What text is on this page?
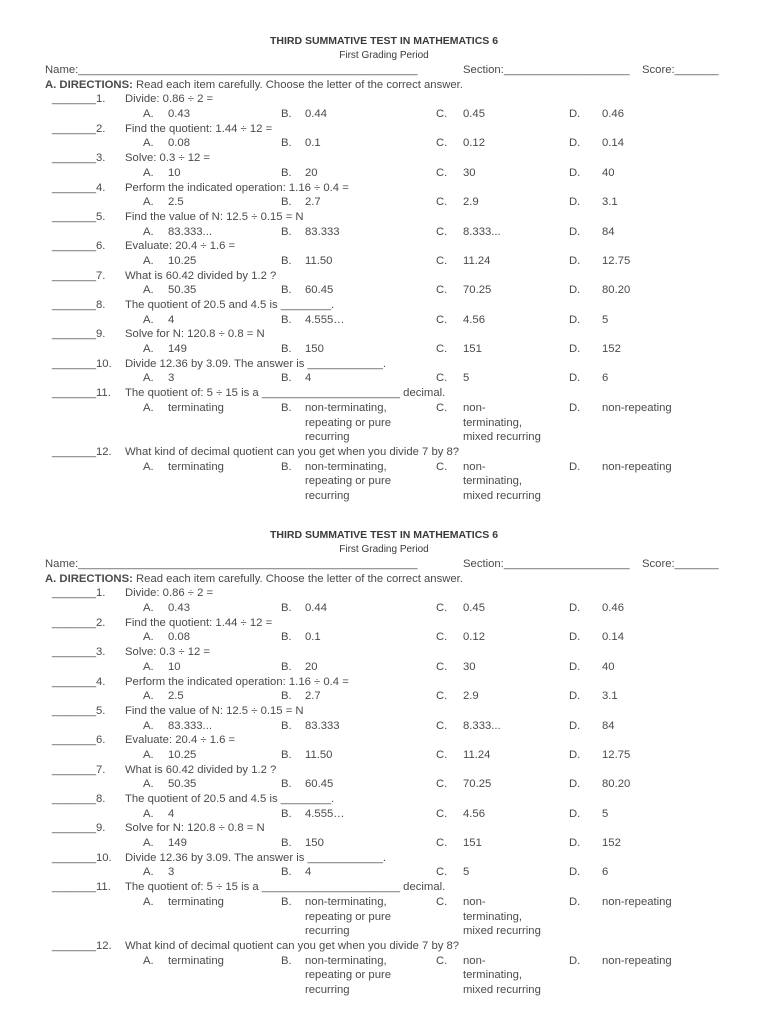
THIRD SUMMATIVE TEST IN MATHEMATICS 6
First Grading Period
Name:______________________________________________________	Section:____________________ Score:_______
A. DIRECTIONS: Read each item carefully. Choose the letter of the correct answer.
_______1. Divide: 0.86 ÷ 2 =
A. 0.43	B. 0.44	C. 0.45	D. 0.46
_______2. Find the quotient: 1.44 ÷ 12 =
A. 0.08	B. 0.1	C. 0.12	D. 0.14
_______3. Solve: 0.3 ÷ 12 =
A. 10	B. 20	C. 30	D. 40
_______4. Perform the indicated operation: 1.16 ÷ 0.4 =
A. 2.5	B. 2.7	C. 2.9	D. 3.1
_______5. Find the value of N: 12.5 ÷ 0.15 = N
A. 83.333...	B. 83.333	C. 8.333...	D. 84
_______6. Evaluate: 20.4 ÷ 1.6 =
A. 10.25	B. 11.50	C. 11.24	D. 12.75
_______7. What is 60.42 divided by 1.2 ?
A. 50.35	B. 60.45	C. 70.25	D. 80.20
_______8. The quotient of 20.5 and 4.5 is ________.
A. 4	B. 4.555…	C. 4.56	D. 5
_______9. Solve for N: 120.8 ÷ 0.8 = N
A. 149	B. 150	C. 151	D. 152
_______10. Divide 12.36 by 3.09. The answer is ____________.
A. 3	B. 4	C. 5	D. 6
_______11. The quotient of: 5 ÷ 15 is a ______________________ decimal.
A. terminating	B. non-terminating,
repeating or pure
recurring
C. non-
terminating,
mixed recurring
D. non-repeating
_______12. What kind of decimal quotient can you get when you divide 7 by 8?
A. terminating	B. non-terminating,
repeating or pure
recurring
C. non-
terminating,
mixed recurring
D. non-repeating
THIRD SUMMATIVE TEST IN MATHEMATICS 6
First Grading Period
Name:______________________________________________________	Section:____________________ Score:_______
A. DIRECTIONS: Read each item carefully. Choose the letter of the correct answer.
_______1. Divide: 0.86 ÷ 2 =
A. 0.43	B. 0.44	C. 0.45	D. 0.46
_______2. Find the quotient: 1.44 ÷ 12 =
A. 0.08	B. 0.1	C. 0.12	D. 0.14
_______3. Solve: 0.3 ÷ 12 =
A. 10	B. 20	C. 30	D. 40
_______4. Perform the indicated operation: 1.16 ÷ 0.4 =
A. 2.5	B. 2.7	C. 2.9	D. 3.1
_______5. Find the value of N: 12.5 ÷ 0.15 = N
A. 83.333...	B. 83.333	C. 8.333...	D. 84
_______6. Evaluate: 20.4 ÷ 1.6 =
A. 10.25	B. 11.50	C. 11.24	D. 12.75
_______7. What is 60.42 divided by 1.2 ?
A. 50.35	B. 60.45	C. 70.25	D. 80.20
_______8. The quotient of 20.5 and 4.5 is ________.
A. 4	B. 4.555…	C. 4.56	D. 5
_______9. Solve for N: 120.8 ÷ 0.8 = N
A. 149	B. 150	C. 151	D. 152
_______10. Divide 12.36 by 3.09. The answer is ____________.
A. 3	B. 4	C. 5	D. 6
_______11. The quotient of: 5 ÷ 15 is a ______________________ decimal.
A. terminating	B. non-terminating,
repeating or pure
recurring
C. non-
terminating,
mixed recurring
D. non-repeating
_______12. What kind of decimal quotient can you get when you divide 7 by 8?
A. terminating	B. non-terminating,
repeating or pure
recurring
C. non-
terminating,
mixed recurring
D. non-repeating
